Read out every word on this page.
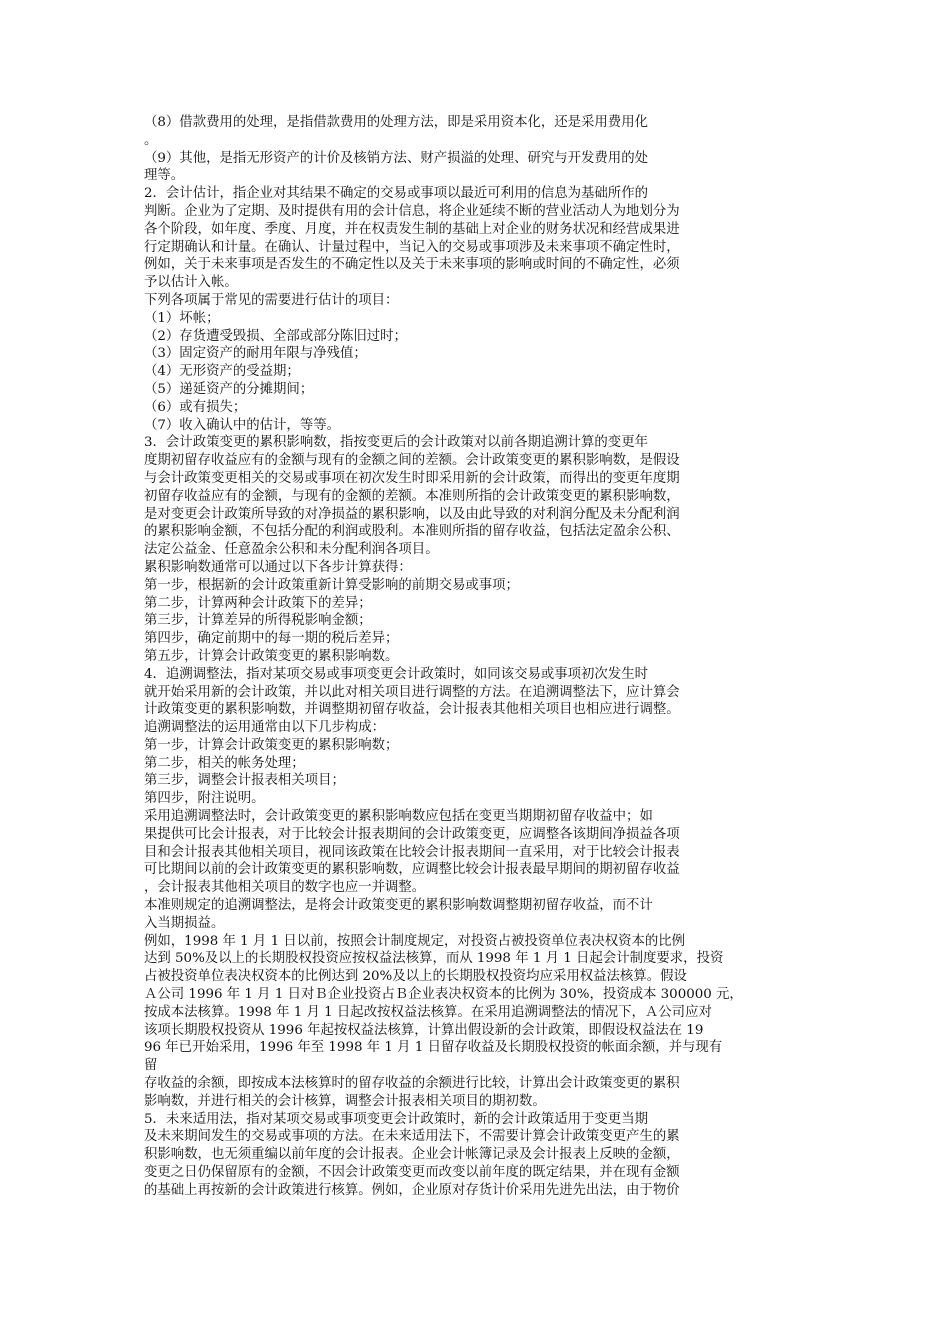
（8）借款费用的处理，是指借款费用的处理方法，即是采用资本化，还是采用费用化
。
（9）其他，是指无形资产的计价及核销方法、财产损溢的处理、研究与开发费用的处
理等。
2．会计估计，指企业对其结果不确定的交易或事项以最近可利用的信息为基础所作的
判断。企业为了定期、及时提供有用的会计信息，将企业延续不断的营业活动人为地划分为
各个阶段，如年度、季度、月度，并在权责发生制的基础上对企业的财务状况和经营成果进
行定期确认和计量。在确认、计量过程中，当记入的交易或事项涉及未来事项不确定性时，
例如，关于未来事项是否发生的不确定性以及关于未来事项的影响或时间的不确定性，必须
予以估计入帐。
下列各项属于常见的需要进行估计的项目：
（1）坏帐；
（2）存货遭受毁损、全部或部分陈旧过时；
（3）固定资产的耐用年限与净残值；
（4）无形资产的受益期；
（5）递延资产的分摊期间；
（6）或有损失；
（7）收入确认中的估计，等等。
3．会计政策变更的累积影响数，指按变更后的会计政策对以前各期追溯计算的变更年
度期初留存收益应有的金额与现有的金额之间的差额。会计政策变更的累积影响数，是假设
与会计政策变更相关的交易或事项在初次发生时即采用新的会计政策，而得出的变更年度期
初留存收益应有的金额，与现有的金额的差额。本准则所指的会计政策变更的累积影响数，
是对变更会计政策所导致的对净损益的累积影响，以及由此导致的对利润分配及未分配利润
的累积影响金额，不包括分配的利润或股利。本准则所指的留存收益，包括法定盈余公积、
法定公益金、任意盈余公积和未分配利润各项目。
累积影响数通常可以通过以下各步计算获得：
第一步，根据新的会计政策重新计算受影响的前期交易或事项；
第二步，计算两种会计政策下的差异；
第三步，计算差异的所得税影响金额；
第四步，确定前期中的每一期的税后差异；
第五步，计算会计政策变更的累积影响数。
4．追溯调整法，指对某项交易或事项变更会计政策时，如同该交易或事项初次发生时
就开始采用新的会计政策，并以此对相关项目进行调整的方法。在追溯调整法下，应计算会
计政策变更的累积影响数，并调整期初留存收益，会计报表其他相关项目也相应进行调整。
追溯调整法的运用通常由以下几步构成：
第一步，计算会计政策变更的累积影响数；
第二步，相关的帐务处理；
第三步，调整会计报表相关项目；
第四步，附注说明。
采用追溯调整法时，会计政策变更的累积影响数应包括在变更当期期初留存收益中；如
果提供可比会计报表，对于比较会计报表期间的会计政策变更，应调整各该期间净损益各项
目和会计报表其他相关项目，视同该政策在比较会计报表期间一直采用，对于比较会计报表
可比期间以前的会计政策变更的累积影响数，应调整比较会计报表最早期间的期初留存收益
，会计报表其他相关项目的数字也应一并调整。
本准则规定的追溯调整法，是将会计政策变更的累积影响数调整期初留存收益，而不计
入当期损益。
例如，1998 年 1 月 1 日以前，按照会计制度规定，对投资占被投资单位表决权资本的比例
达到 50%及以上的长期股权投资应按权益法核算，而从 1998 年 1 月 1 日起会计制度要求，投资
占被投资单位表决权资本的比例达到 20%及以上的长期股权投资均应采用权益法核算。假设
Ａ公司 1996 年 1 月 1 日对Ｂ企业投资占Ｂ企业表决权资本的比例为 30%，投资成本 300000 元，
按成本法核算。1998 年 1 月 1 日起改按权益法核算。在采用追溯调整法的情况下，Ａ公司应对
该项长期股权投资从 1996 年起按权益法核算，计算出假设新的会计政策，即假设权益法在 19
96 年已开始采用，1996 年至 1998 年 1 月 1 日留存收益及长期股权投资的帐面余额，并与现有
留
存收益的余额，即按成本法核算时的留存收益的余额进行比较，计算出会计政策变更的累积
影响数，并进行相关的会计核算，调整会计报表相关项目的期初数。
5．未来适用法，指对某项交易或事项变更会计政策时，新的会计政策适用于变更当期
及未来期间发生的交易或事项的方法。在未来适用法下，不需要计算会计政策变更产生的累
积影响数，也无须重编以前年度的会计报表。企业会计帐簿记录及会计报表上反映的金额，
变更之日仍保留原有的金额，不因会计政策变更而改变以前年度的既定结果，并在现有金额
的基础上再按新的会计政策进行核算。例如，企业原对存货计价采用先进先出法，由于物价
